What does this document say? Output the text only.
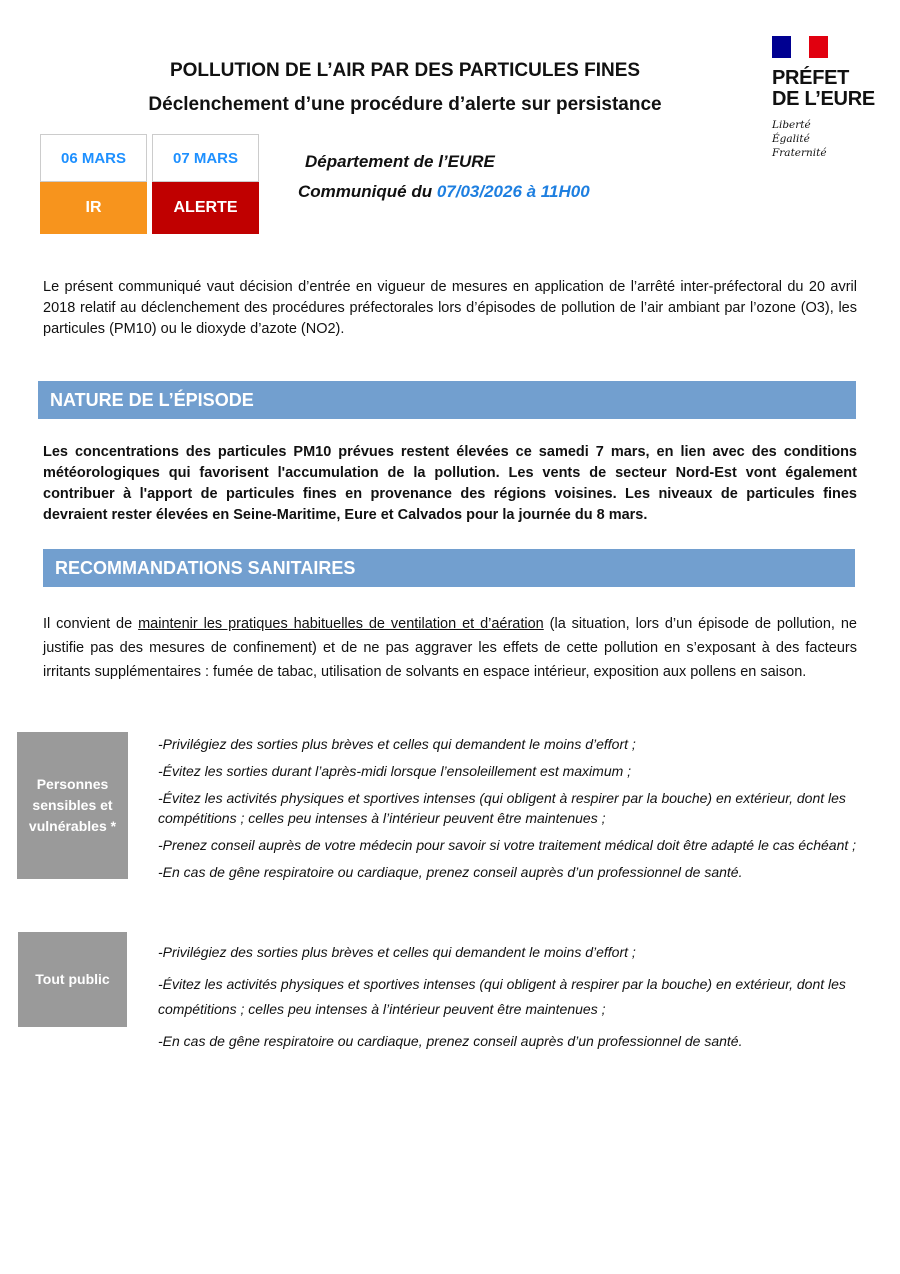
POLLUTION DE L’AIR PAR DES PARTICULES FINES
Déclenchement d’une procédure d’alerte sur persistance
PRÉFET
DE L’EURE
Liberté
Égalité
Fraternité
06 MARS
IR
07 MARS
ALERTE
Département de l’EURE
Communiqué du 07/03/2026 à 11H00
Le présent communiqué vaut décision d’entrée en vigueur de mesures en application de l’arrêté inter-préfectoral du 20 avril 2018 relatif au déclenchement des procédures préfectorales lors d’épisodes de pollution de l’air ambiant par l’ozone (O3), les particules (PM10) ou le dioxyde d’azote (NO2).
NATURE DE L’ÉPISODE
Les concentrations des particules PM10 prévues restent élevées ce samedi 7 mars, en lien avec des conditions météorologiques qui favorisent l'accumulation de la pollution. Les vents de secteur Nord-Est vont également contribuer à l'apport de particules fines en provenance des régions voisines. Les niveaux de particules fines devraient rester élevées en Seine-Maritime, Eure et Calvados pour la journée du 8 mars.
RECOMMANDATIONS SANITAIRES
Il convient de maintenir les pratiques habituelles de ventilation et d’aération (la situation, lors d’un épisode de pollution, ne justifie pas des mesures de confinement) et de ne pas aggraver les effets de cette pollution en s’exposant à des facteurs irritants supplémentaires : fumée de tabac, utilisation de solvants en espace intérieur, exposition aux pollens en saison.
Personnes sensibles et vulnérables *

-Privilégiez des sorties plus brèves et celles qui demandent le moins d’effort ;

-Évitez les sorties durant l’après-midi lorsque l’ensoleillement est maximum ;

-Évitez les activités physiques et sportives intenses (qui obligent à respirer par la bouche) en extérieur, dont les compétitions ; celles peu intenses à l’intérieur peuvent être maintenues ;

-Prenez conseil auprès de votre médecin pour savoir si votre traitement médical doit être adapté le cas échéant ;

-En cas de gêne respiratoire ou cardiaque, prenez conseil auprès d’un professionnel de santé.

Tout public

-Privilégiez des sorties plus brèves et celles qui demandent le moins d’effort ;

-Évitez les activités physiques et sportives intenses (qui obligent à respirer par la bouche) en extérieur, dont les compétitions ; celles peu intenses à l’intérieur peuvent être maintenues ;

-En cas de gêne respiratoire ou cardiaque, prenez conseil auprès d’un professionnel de santé.
